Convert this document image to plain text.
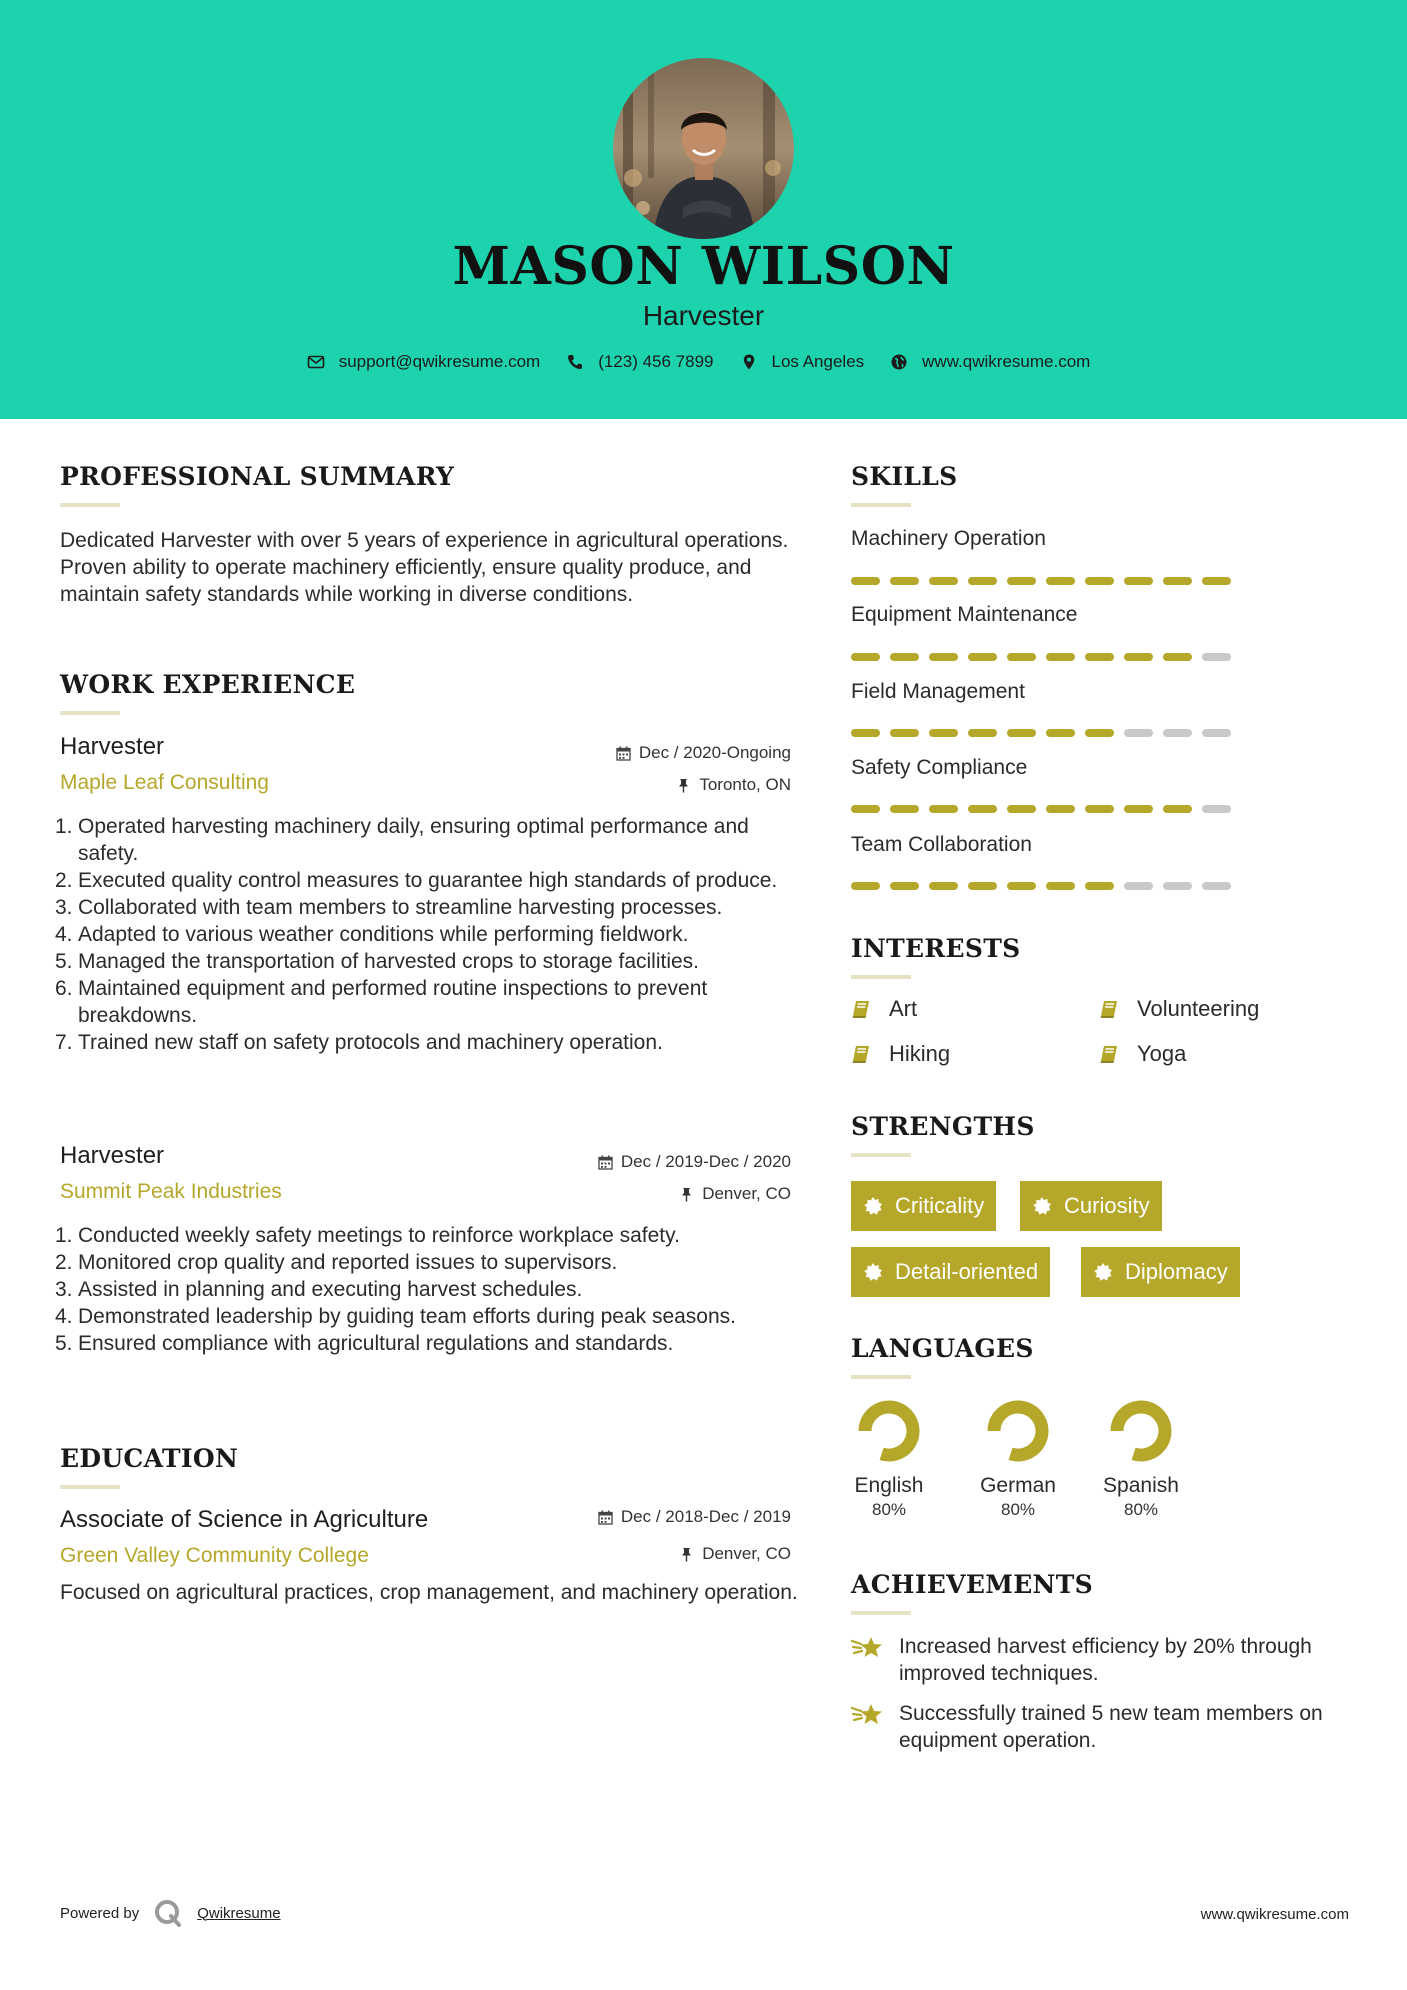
MASON WILSON
Harvester
support@qwikresume.com	(123) 456 7899	Los Angeles	www.qwikresume.com
PROFESSIONAL SUMMARY
Dedicated Harvester with over 5 years of experience in agricultural operations. Proven ability to operate machinery efficiently, ensure quality produce, and maintain safety standards while working in diverse conditions.
WORK EXPERIENCE
Harvester
Maple Leaf Consulting
Dec / 2020-Ongoing
Toronto, ON
1. Operated harvesting machinery daily, ensuring optimal performance and safety.
2. Executed quality control measures to guarantee high standards of produce.
3. Collaborated with team members to streamline harvesting processes.
4. Adapted to various weather conditions while performing fieldwork.
5. Managed the transportation of harvested crops to storage facilities.
6. Maintained equipment and performed routine inspections to prevent breakdowns.
7. Trained new staff on safety protocols and machinery operation.
Harvester
Summit Peak Industries
Dec / 2019-Dec / 2020
Denver, CO
1. Conducted weekly safety meetings to reinforce workplace safety.
2. Monitored crop quality and reported issues to supervisors.
3. Assisted in planning and executing harvest schedules.
4. Demonstrated leadership by guiding team efforts during peak seasons.
5. Ensured compliance with agricultural regulations and standards.
EDUCATION
Associate of Science in Agriculture
Green Valley Community College
Dec / 2018-Dec / 2019
Denver, CO
Focused on agricultural practices, crop management, and machinery operation.
SKILLS
Machinery Operation
Equipment Maintenance
Field Management
Safety Compliance
Team Collaboration
INTERESTS
Art	Volunteering
Hiking	Yoga
STRENGTHS
Criticality	Curiosity
Detail-oriented	Diplomacy
LANGUAGES
English
80%
German
80%
Spanish
80%
ACHIEVEMENTS
Increased harvest efficiency by 20% through improved techniques.
Successfully trained 5 new team members on equipment operation.
Powered by	Qwikresume	www.qwikresume.com
